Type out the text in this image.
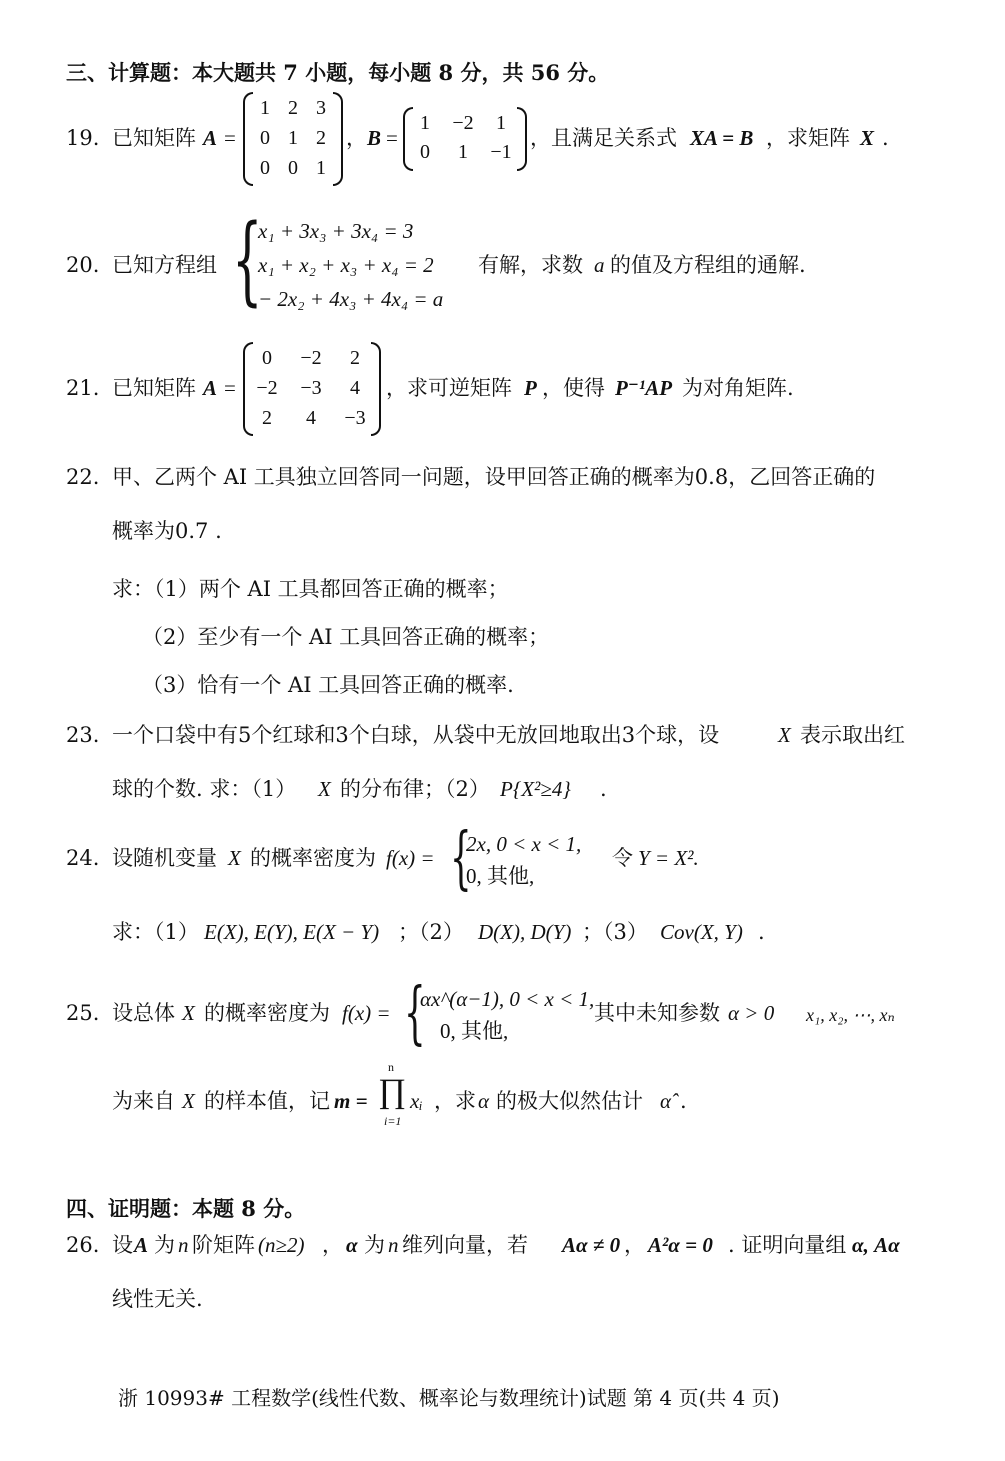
三、计算题：本大题共 7 小题，每小题 8 分，共 56 分。
19. 已知矩阵 A =
1 2 3
0 1 2
0 0 1
， B =
1	−2	1
0	1	−1
，且满足关系式 XA = B ，求矩阵 X .
20. 已知方程组 {
x₁ + 3x₃ + 3x₄ = 3
x₁ + x₂ + x₃ + x₄ = 2
− 2x₂ + 4x₃ + 4x₄ = a
有解，求数 a 的值及方程组的通解.
21. 已知矩阵 A =
0	−2	2
−2	−3	4
2	4	−3
，求可逆矩阵 P ，使得 P⁻¹AP 为对角矩阵.
22. 甲、乙两个 AI 工具独立回答同一问题，设甲回答正确的概率为0.8，乙回答正确的
概率为0.7 .
求：（1）两个 AI 工具都回答正确的概率；
（2）至少有一个 AI 工具回答正确的概率；
（3）恰有一个 AI 工具回答正确的概率.
23. 一个口袋中有5个红球和3个白球，从袋中无放回地取出3个球，设	X 表示取出红
球的个数. 求：（1） X 的分布律；（2） P{X²≥4} .
24. 设随机变量 X 的概率密度为 f(x) = {
2x, 0 < x < 1,
0, 其他,
令 Y = X².
求：（1） E(X), E(Y), E(X − Y) ；（2） D(X), D(Y) ；（3） Cov(X, Y) .
25. 设总体 X 的概率密度为 f(x) = {
αx^(α−1), 0 < x < 1,
0, 其他,
其中未知参数 α > 0 x₁, x₂, ⋯, xₙ
为来自 X 的样本值，记 m =
n
∏
i=1
xᵢ ，求 α 的极大似然估计 α̂ .
四、证明题：本题 8 分。
26. 设 A 为 n 阶矩阵 (n≥2) ， α 为 n 维列向量，若 Aα ≠ 0 ， A²α = 0 . 证明向量组 α, Aα
线性无关.
浙 10993# 工程数学(线性代数、概率论与数理统计)试题 第 4 页(共 4 页)
